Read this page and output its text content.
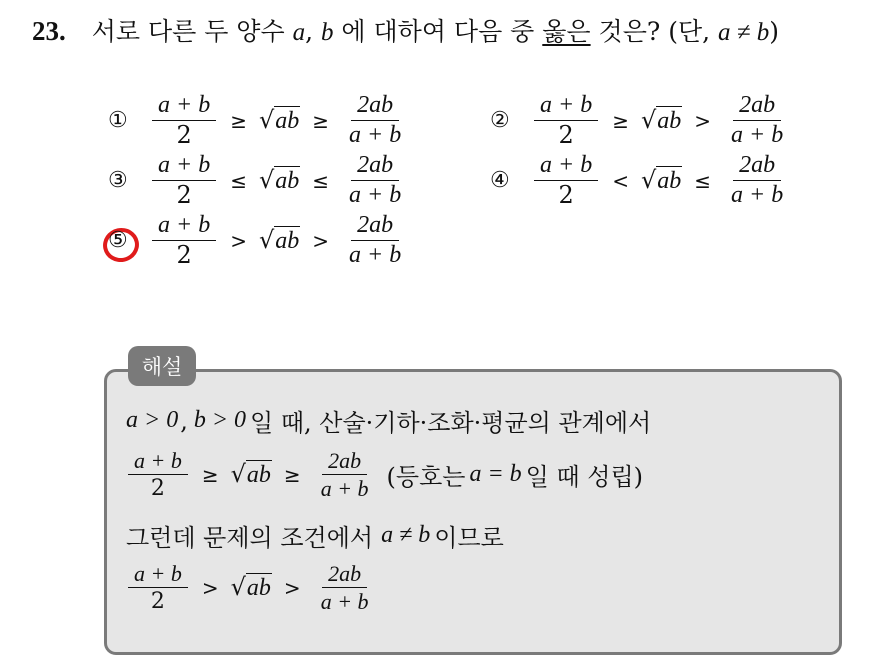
23. 서로 다른 두 양수 a, b 에 대하여 다음 중 옳은 것은? (단, a ≠ b)
①	$\frac{a + b}{2}$ ≥ √ ab ≥ $\frac{2ab}{a + b}$	②	$\frac{a + b}{2}$ ≥ √ ab > $\frac{2ab}{a + b}$
③	$\frac{a + b}{2}$ ≤ √ ab ≤ $\frac{2ab}{a + b}$	④	$\frac{a + b}{2}$ < √ ab ≤ $\frac{2ab}{a + b}$
⑤	$\frac{a + b}{2}$ > √ ab > $\frac{2ab}{a + b}$
해설
a > 0 , b > 0 일 때, 산술·기하·조화·평균의 관계에서
$\frac{a + b}{2}$ ≥ √ ab ≥ $\frac{2ab}{a + b}$ (등호는 a = b 일 때 성립)
그런데 문제의 조건에서 a ≠ b 이므로
$\frac{a + b}{2}$ > √ ab > $\frac{2ab}{a + b}$
